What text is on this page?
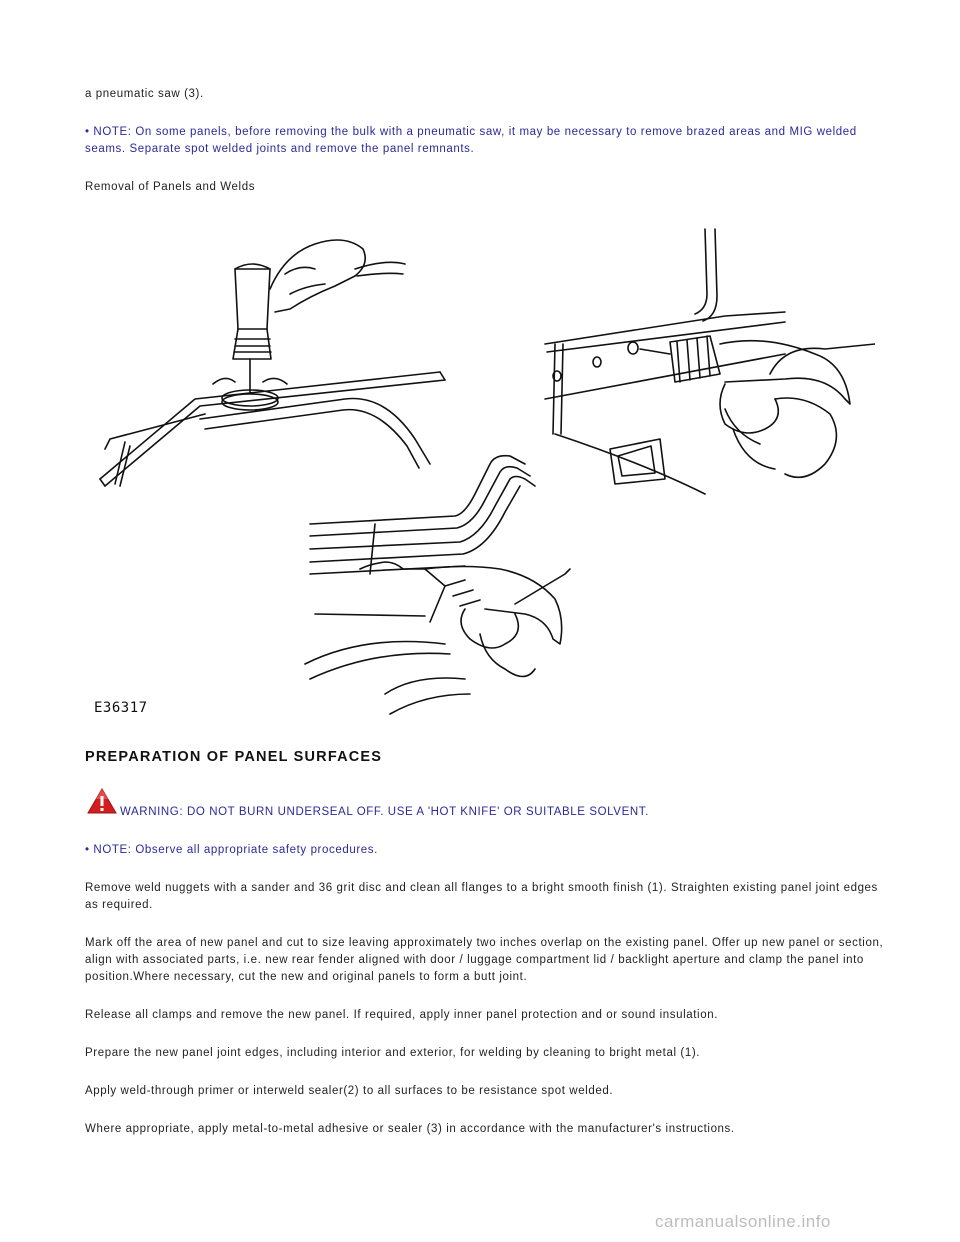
a pneumatic saw (3).

• NOTE: On some panels, before removing the bulk with a pneumatic saw, it may be necessary to remove brazed areas and MIG welded seams. Separate spot welded joints and remove the panel remnants.

Removal of Panels and Welds

E36317
PREPARATION OF PANEL SURFACES

WARNING: DO NOT BURN UNDERSEAL OFF. USE A 'HOT KNIFE' OR SUITABLE SOLVENT.

• NOTE: Observe all appropriate safety procedures.

Remove weld nuggets with a sander and 36 grit disc and clean all flanges to a bright smooth finish (1). Straighten existing panel joint edges as required.

Mark off the area of new panel and cut to size leaving approximately two inches overlap on the existing panel. Offer up new panel or section, align with associated parts, i.e. new rear fender aligned with door / luggage compartment lid / backlight aperture and clamp the panel into position.Where necessary, cut the new and original panels to form a butt joint.

Release all clamps and remove the new panel. If required, apply inner panel protection and or sound insulation.

Prepare the new panel joint edges, including interior and exterior, for welding by cleaning to bright metal (1).

Apply weld-through primer or interweld sealer(2) to all surfaces to be resistance spot welded.

Where appropriate, apply metal-to-metal adhesive or sealer (3) in accordance with the manufacturer's instructions.

carmanualsonline.info
